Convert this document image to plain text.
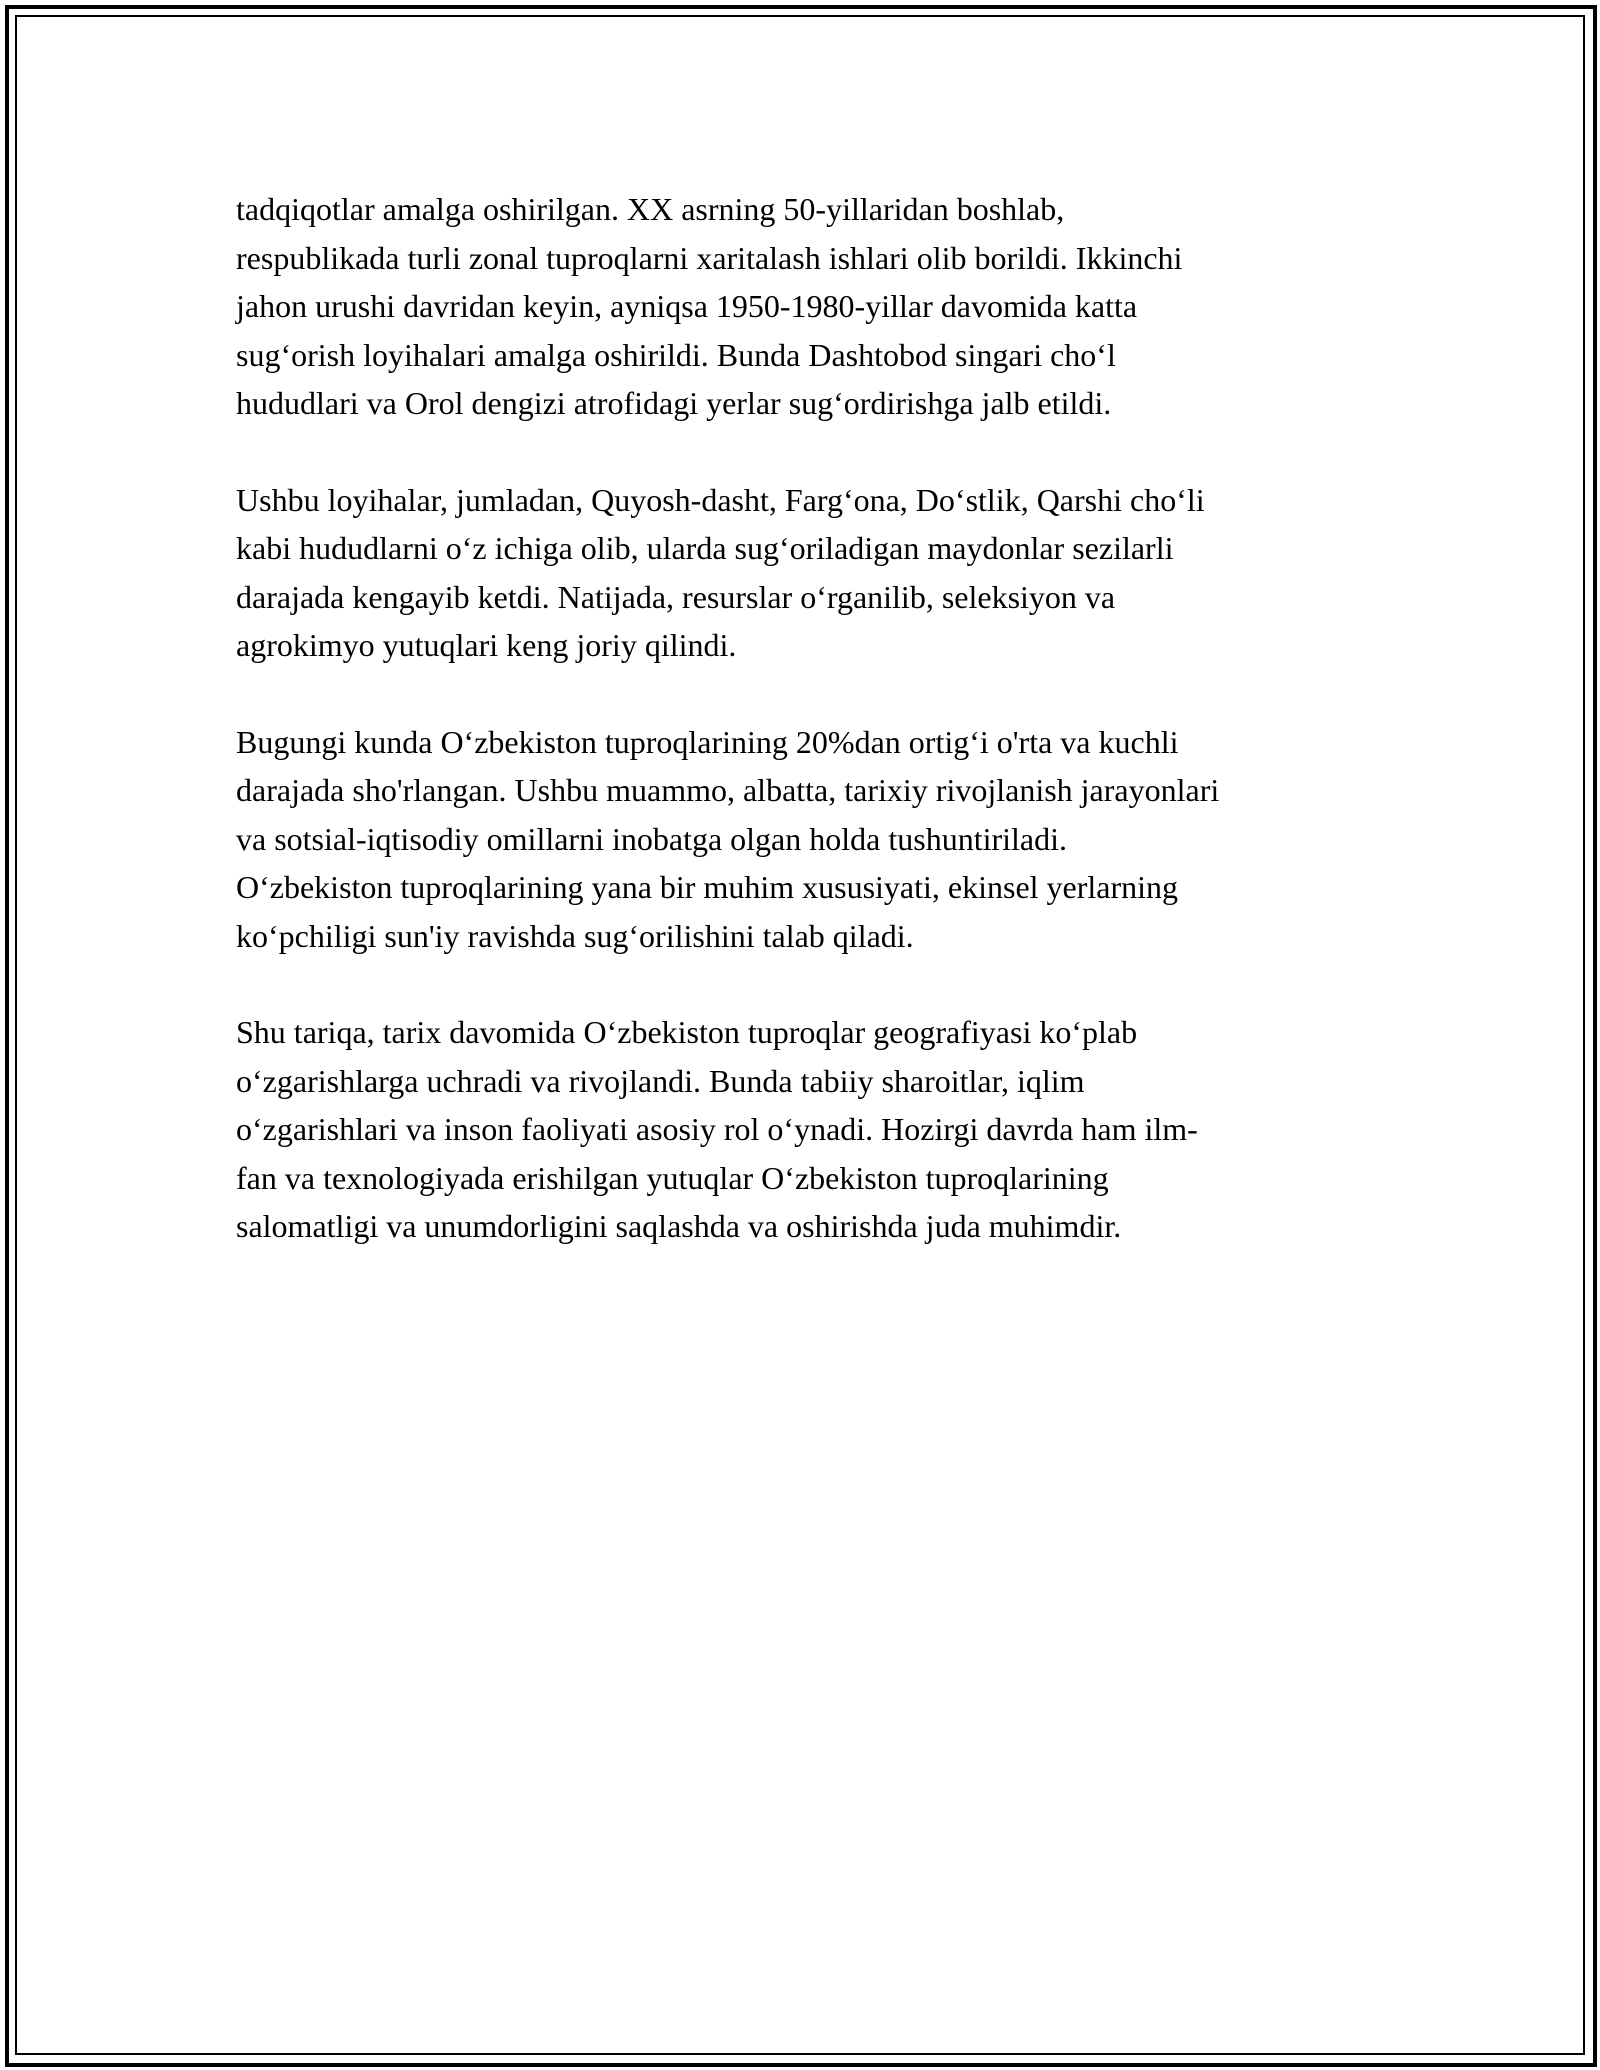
tadqiqotlar amalga oshirilgan. XX asrning 50-yillaridan boshlab,
respublikada turli zonal tuproqlarni xaritalash ishlari olib borildi. Ikkinchi
jahon urushi davridan keyin, ayniqsa 1950-1980-yillar davomida katta
sug‘orish loyihalari amalga oshirildi. Bunda Dashtobod singari cho‘l
hududlari va Orol dengizi atrofidagi yerlar sug‘ordirishga jalb etildi.

Ushbu loyihalar, jumladan, Quyosh-dasht, Farg‘ona, Do‘stlik, Qarshi cho‘li
kabi hududlarni o‘z ichiga olib, ularda sug‘oriladigan maydonlar sezilarli
darajada kengayib ketdi. Natijada, resurslar o‘rganilib, seleksiyon va
agrokimyo yutuqlari keng joriy qilindi.

Bugungi kunda O‘zbekiston tuproqlarining 20%dan ortig‘i o'rta va kuchli
darajada sho'rlangan. Ushbu muammo, albatta, tarixiy rivojlanish jarayonlari
va sotsial-iqtisodiy omillarni inobatga olgan holda tushuntiriladi.
O‘zbekiston tuproqlarining yana bir muhim xususiyati, ekinsel yerlarning
ko‘pchiligi sun'iy ravishda sug‘orilishini talab qiladi.

Shu tariqa, tarix davomida O‘zbekiston tuproqlar geografiyasi ko‘plab
o‘zgarishlarga uchradi va rivojlandi. Bunda tabiiy sharoitlar, iqlim
o‘zgarishlari va inson faoliyati asosiy rol o‘ynadi. Hozirgi davrda ham ilm-
fan va texnologiyada erishilgan yutuqlar O‘zbekiston tuproqlarining
salomatligi va unumdorligini saqlashda va oshirishda juda muhimdir.
